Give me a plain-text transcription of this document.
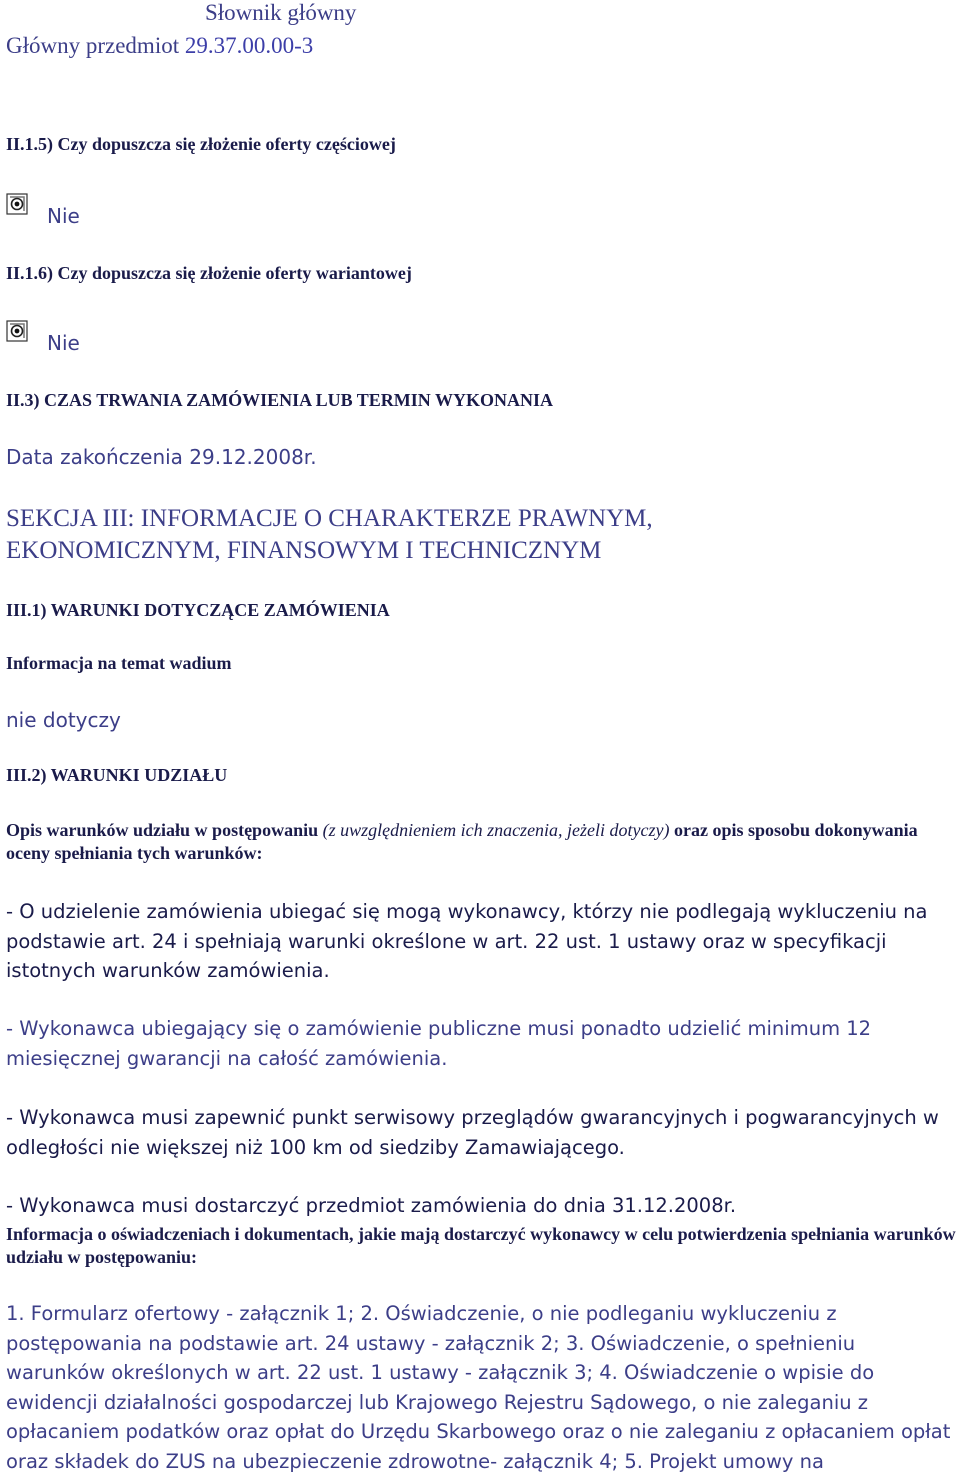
Słownik główny
Główny przedmiot 29.37.00.00-3
II.1.5) Czy dopuszcza się złożenie oferty częściowej
Nie
II.1.6) Czy dopuszcza się złożenie oferty wariantowej
Nie
II.3) CZAS TRWANIA ZAMÓWIENIA LUB TERMIN WYKONANIA
Data zakończenia 29.12.2008r.
SEKCJA III: INFORMACJE O CHARAKTERZE PRAWNYM,
EKONOMICZNYM, FINANSOWYM I TECHNICZNYM
III.1) WARUNKI DOTYCZĄCE ZAMÓWIENIA
Informacja na temat wadium
nie dotyczy
III.2) WARUNKI UDZIAŁU
Opis warunków udziału w postępowaniu (z uwzględnieniem ich znaczenia, jeżeli dotyczy) oraz opis sposobu dokonywania oceny spełniania tych warunków:
- O udzielenie zamówienia ubiegać się mogą wykonawcy, którzy nie podlegają wykluczeniu na podstawie art. 24 i spełniają warunki określone w art. 22 ust. 1 ustawy oraz w specyfikacji istotnych warunków zamówienia.
- Wykonawca ubiegający się o zamówienie publiczne musi ponadto udzielić minimum 12 miesięcznej gwarancji na całość zamówienia.
- Wykonawca musi zapewnić punkt serwisowy przeglądów gwarancyjnych i pogwarancyjnych w odległości nie większej niż 100 km od siedziby Zamawiającego.
- Wykonawca musi dostarczyć przedmiot zamówienia do dnia 31.12.2008r.
Informacja o oświadczeniach i dokumentach, jakie mają dostarczyć wykonawcy w celu potwierdzenia spełniania warunków udziału w postępowaniu:
1. Formularz ofertowy - załącznik 1; 2. Oświadczenie, o nie podleganiu wykluczeniu z postępowania na podstawie art. 24 ustawy - załącznik 2; 3. Oświadczenie, o spełnieniu warunków określonych w art. 22 ust. 1 ustawy - załącznik 3; 4. Oświadczenie o wpisie do ewidencji działalności gospodarczej lub Krajowego Rejestru Sądowego, o nie zaleganiu z opłacaniem podatków oraz opłat do Urzędu Skarbowego oraz o nie zaleganiu z opłacaniem opłat oraz składek do ZUS na ubezpieczenie zdrowotne- załącznik 4; 5. Projekt umowy na
